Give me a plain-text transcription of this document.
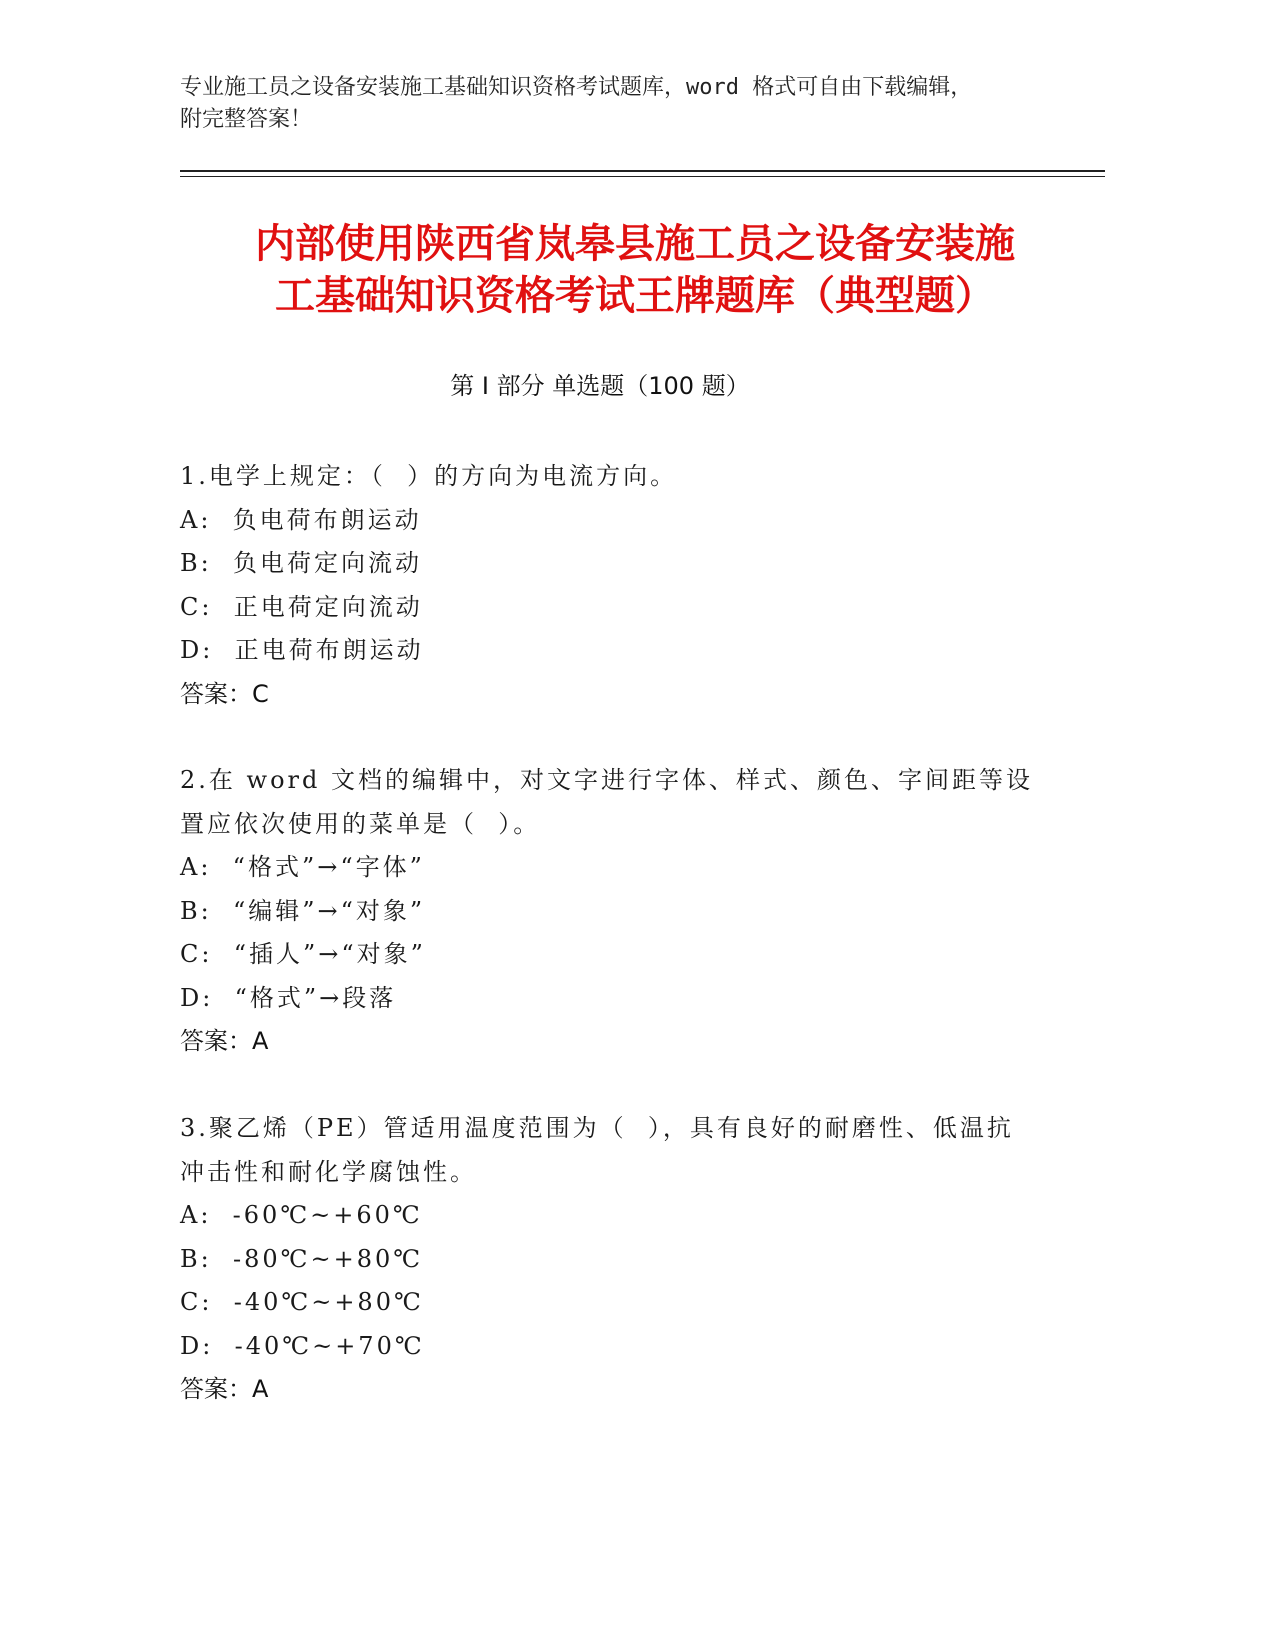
专业施工员之设备安装施工基础知识资格考试题库，word 格式可自由下载编辑，
附完整答案！
内部使用陕西省岚皋县施工员之设备安装施
工基础知识资格考试王牌题库（典型题）
第 I 部分 单选题（100 题）
1.电学上规定：（  ）的方向为电流方向。
A:  负电荷布朗运动
B:  负电荷定向流动
C:  正电荷定向流动
D:  正电荷布朗运动
答案：C
2.在 word 文档的编辑中，对文字进行字体、样式、颜色、字间距等设
置应依次使用的菜单是（  ）。
A:  “格式”→“字体”
B:  “编辑”→“对象”
C:  “插人”→“对象”
D:  “格式”→段落
答案：A
3.聚乙烯（PE）管适用温度范围为（  ），具有良好的耐磨性、低温抗
冲击性和耐化学腐蚀性。
A:  -60℃~+60℃
B:  -80℃~+80℃
C:  -40℃~+80℃
D:  -40℃~+70℃
答案：A
